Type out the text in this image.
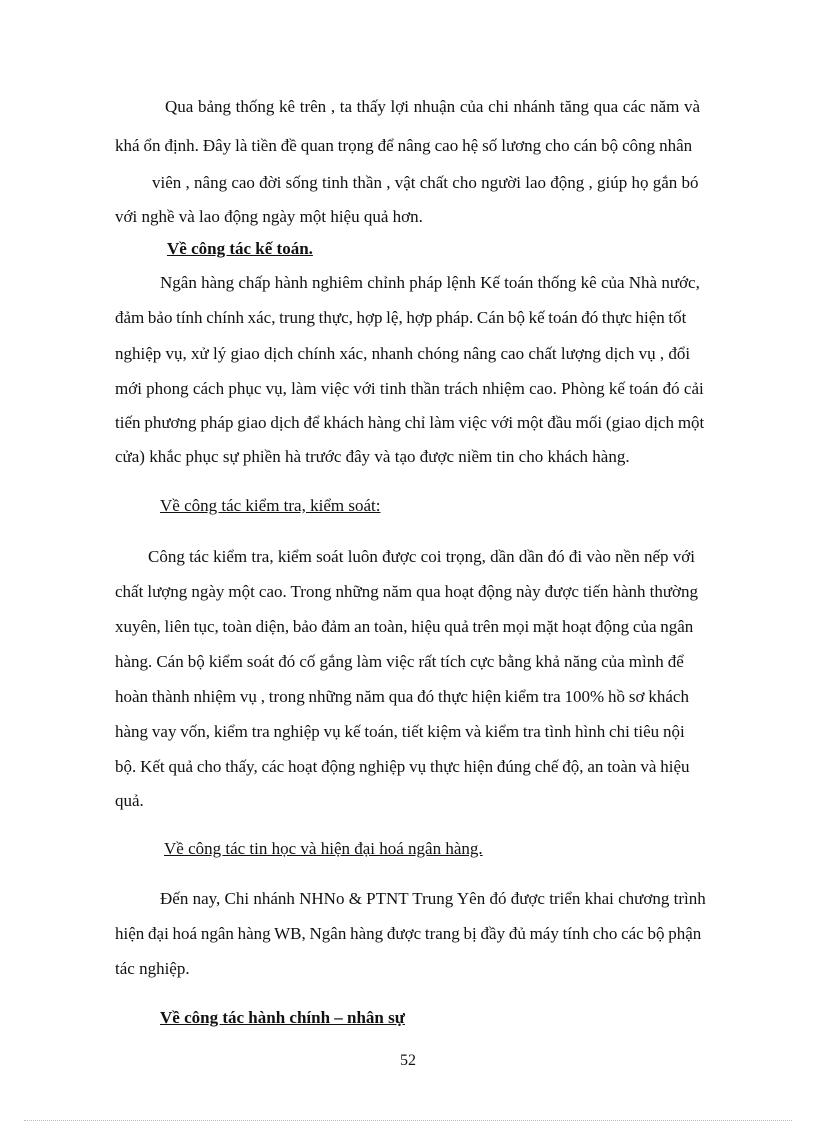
Qua bảng thống kê trên , ta thấy lợi nhuận của chi nhánh tăng qua các năm và
khá ổn định. Đây là tiền đề quan trọng để nâng cao hệ số lương cho cán bộ công nhân
viên , nâng cao đời sống tinh thần , vật chất cho người lao động , giúp họ gắn bó
với nghề và lao động ngày một hiệu quả hơn.
Về công tác kế toán.
Ngân hàng chấp hành nghiêm chỉnh pháp lệnh Kế toán thống kê của Nhà nước,
đảm bảo tính chính xác, trung thực, hợp lệ, hợp pháp. Cán bộ kế toán đó thực hiện tốt
nghiệp vụ, xử lý giao dịch chính xác, nhanh chóng nâng cao chất lượng dịch vụ , đổi
mới phong cách phục vụ, làm việc với tinh thần trách nhiệm cao. Phòng kế toán đó cải
tiến phương pháp giao dịch để khách hàng chỉ làm việc với một đầu mối (giao dịch một
cửa) khắc phục sự phiền hà trước đây và tạo được niềm tin cho khách hàng.
Về công tác kiểm tra, kiểm soát:
Công tác kiểm tra, kiểm soát luôn được coi trọng, dần dần đó đi vào nền nếp với
chất lượng ngày một cao. Trong những năm qua hoạt động này được tiến hành thường
xuyên, liên tục, toàn diện, bảo đảm an toàn, hiệu quả trên mọi mặt hoạt động của ngân
hàng. Cán bộ kiểm soát đó cố gắng làm việc rất tích cực bằng khả năng của mình để
hoàn thành nhiệm vụ , trong những năm qua đó thực hiện kiểm tra 100% hồ sơ khách
hàng vay vốn, kiểm tra nghiệp vụ kế toán, tiết kiệm và kiểm tra tình hình chi tiêu nội
bộ. Kết quả cho thấy, các hoạt động nghiệp vụ thực hiện đúng chế độ, an toàn và hiệu
quả.
Về công tác tin học và hiện đại hoá ngân hàng.
Đến nay, Chi nhánh NHNo & PTNT Trung Yên đó được triển khai chương trình
hiện đại hoá ngân hàng WB, Ngân hàng được trang bị đầy đủ máy tính cho các bộ phận
tác nghiệp.
Về công tác hành chính – nhân sự
52
